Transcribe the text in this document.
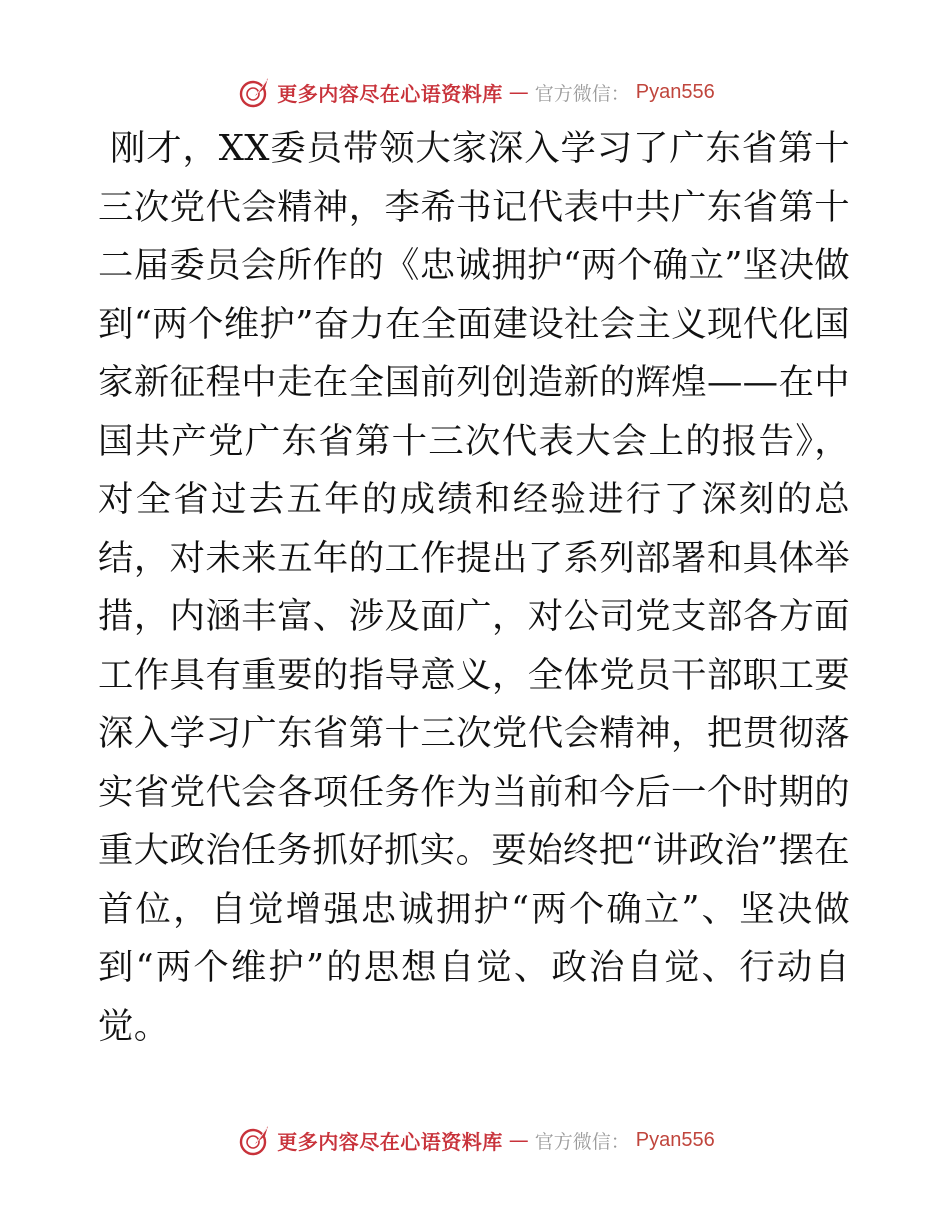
更多内容尽在心语资料库 — 官方微信： Pyan556

刚才，XX委员带领大家深入学习了广东省第十三次党代会精神，李希书记代表中共广东省第十二届委员会所作的《忠诚拥护“两个确立”坚决做到“两个维护”奋力在全面建设社会主义现代化国家新征程中走在全国前列创造新的辉煌——在中国共产党广东省第十三次代表大会上的报告》，对全省过去五年的成绩和经验进行了深刻的总结，对未来五年的工作提出了系列部署和具体举措，内涵丰富、涉及面广，对公司党支部各方面工作具有重要的指导意义，全体党员干部职工要深入学习广东省第十三次党代会精神，把贯彻落实省党代会各项任务作为当前和今后一个时期的重大政治任务抓好抓实。要始终把“讲政治”摆在首位，自觉增强忠诚拥护“两个确立”、坚决做到“两个维护”的思想自觉、政治自觉、行动自觉。

更多内容尽在心语资料库 — 官方微信： Pyan556
